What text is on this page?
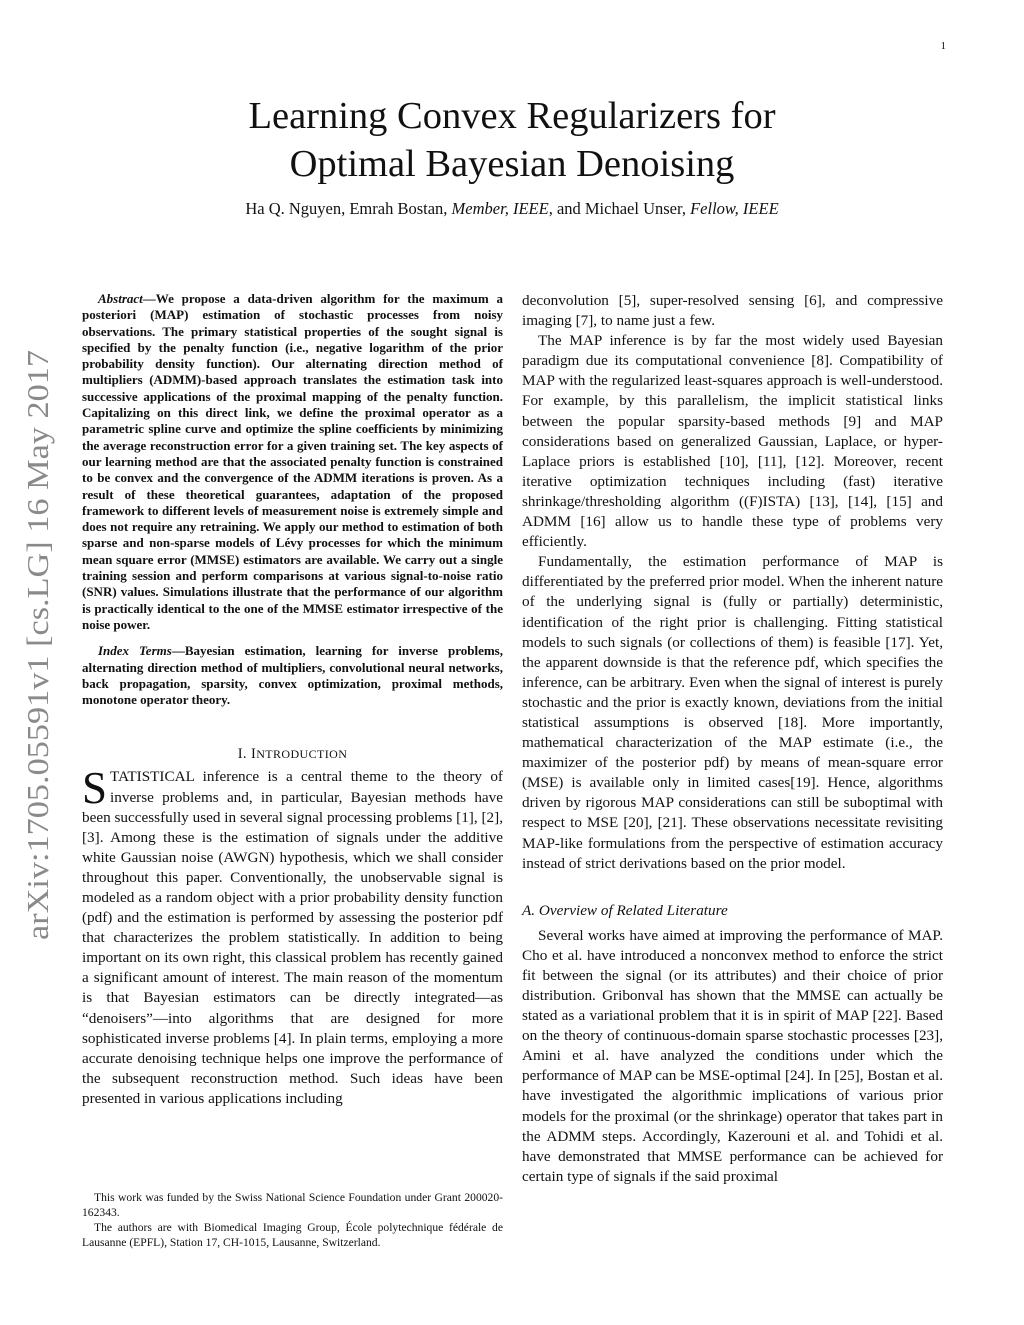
1
arXiv:1705.05591v1 [cs.LG] 16 May 2017
Learning Convex Regularizers for
Optimal Bayesian Denoising
Ha Q. Nguyen, Emrah Bostan, Member, IEEE, and Michael Unser, Fellow, IEEE

Abstract—We propose a data-driven algorithm for the maximum a posteriori (MAP) estimation of stochastic processes from noisy observations. The primary statistical properties of the sought signal is specified by the penalty function (i.e., negative logarithm of the prior probability density function). Our alternating direction method of multipliers (ADMM)-based approach translates the estimation task into successive applications of the proximal mapping of the penalty function. Capitalizing on this direct link, we define the proximal operator as a parametric spline curve and optimize the spline coefficients by minimizing the average reconstruction error for a given training set. The key aspects of our learning method are that the associated penalty function is constrained to be convex and the convergence of the ADMM iterations is proven. As a result of these theoretical guarantees, adaptation of the proposed framework to different levels of measurement noise is extremely simple and does not require any retraining. We apply our method to estimation of both sparse and non-sparse models of Lévy processes for which the minimum mean square error (MMSE) estimators are available. We carry out a single training session and perform comparisons at various signal-to-noise ratio (SNR) values. Simulations illustrate that the performance of our algorithm is practically identical to the one of the MMSE estimator irrespective of the noise power.

Index Terms—Bayesian estimation, learning for inverse problems, alternating direction method of multipliers, convolutional neural networks, back propagation, sparsity, convex optimization, proximal methods, monotone operator theory.

I. INTRODUCTION

STATISTICAL inference is a central theme to the theory of inverse problems and, in particular, Bayesian methods have been successfully used in several signal processing problems [1], [2], [3]. Among these is the estimation of signals under the additive white Gaussian noise (AWGN) hypothesis, which we shall consider throughout this paper. Conventionally, the unobservable signal is modeled as a random object with a prior probability density function (pdf) and the estimation is performed by assessing the posterior pdf that characterizes the problem statistically. In addition to being important on its own right, this classical problem has recently gained a significant amount of interest. The main reason of the momentum is that Bayesian estimators can be directly integrated—as “denoisers”—into algorithms that are designed for more sophisticated inverse problems [4]. In plain terms, employing a more accurate denoising technique helps one improve the performance of the subsequent reconstruction method. Such ideas have been presented in various applications including

This work was funded by the Swiss National Science Foundation under Grant 200020-162343.

The authors are with Biomedical Imaging Group, École polytechnique fédérale de Lausanne (EPFL), Station 17, CH-1015, Lausanne, Switzerland.

deconvolution [5], super-resolved sensing [6], and compressive imaging [7], to name just a few.

The MAP inference is by far the most widely used Bayesian paradigm due its computational convenience [8]. Compatibility of MAP with the regularized least-squares approach is well-understood. For example, by this parallelism, the implicit statistical links between the popular sparsity-based methods [9] and MAP considerations based on generalized Gaussian, Laplace, or hyper-Laplace priors is established [10], [11], [12]. Moreover, recent iterative optimization techniques including (fast) iterative shrinkage/thresholding algorithm ((F)ISTA) [13], [14], [15] and ADMM [16] allow us to handle these type of problems very efficiently.

Fundamentally, the estimation performance of MAP is differentiated by the preferred prior model. When the inherent nature of the underlying signal is (fully or partially) deterministic, identification of the right prior is challenging. Fitting statistical models to such signals (or collections of them) is feasible [17]. Yet, the apparent downside is that the reference pdf, which specifies the inference, can be arbitrary. Even when the signal of interest is purely stochastic and the prior is exactly known, deviations from the initial statistical assumptions is observed [18]. More importantly, mathematical characterization of the MAP estimate (i.e., the maximizer of the posterior pdf) by means of mean-square error (MSE) is available only in limited cases[19]. Hence, algorithms driven by rigorous MAP considerations can still be suboptimal with respect to MSE [20], [21]. These observations necessitate revisiting MAP-like formulations from the perspective of estimation accuracy instead of strict derivations based on the prior model.

A. Overview of Related Literature

Several works have aimed at improving the performance of MAP. Cho et al. have introduced a nonconvex method to enforce the strict fit between the signal (or its attributes) and their choice of prior distribution. Gribonval has shown that the MMSE can actually be stated as a variational problem that it is in spirit of MAP [22]. Based on the theory of continuous-domain sparse stochastic processes [23], Amini et al. have analyzed the conditions under which the performance of MAP can be MSE-optimal [24]. In [25], Bostan et al. have investigated the algorithmic implications of various prior models for the proximal (or the shrinkage) operator that takes part in the ADMM steps. Accordingly, Kazerouni et al. and Tohidi et al. have demonstrated that MMSE performance can be achieved for certain type of signals if the said proximal
